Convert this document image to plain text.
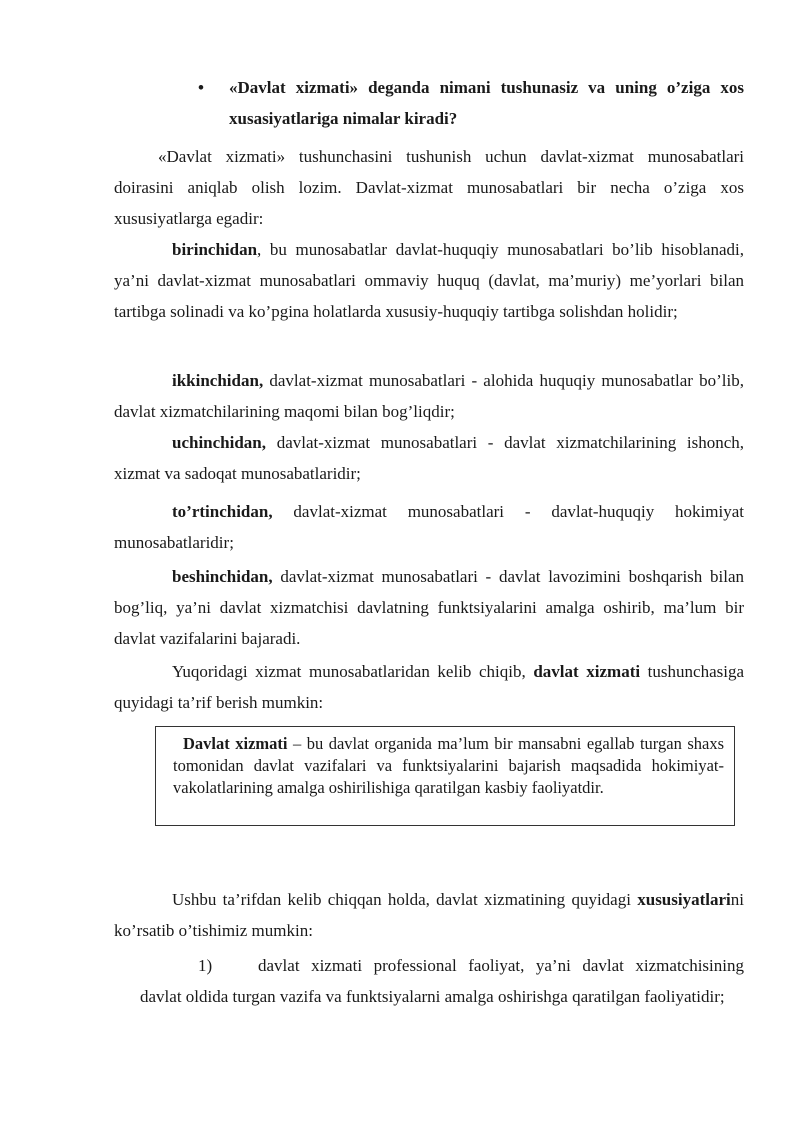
•	«Davlat xizmati» deganda nimani tushunasiz va uning o’ziga xos xusasiyatlariga nimalar kiradi?

«Davlat xizmati» tushunchasini tushunish uchun davlat-xizmat munosabatlari doirasini aniqlab olish lozim. Davlat-xizmat munosabatlari bir necha o’ziga xos xususiyatlarga egadir:

birinchidan, bu munosabatlar davlat-huquqiy munosabatlari bo’lib hisoblanadi, ya’ni davlat-xizmat munosabatlari ommaviy huquq (davlat, ma’muriy) me’yorlari bilan tartibga solinadi va ko’pgina holatlarda xususiy-huquqiy tartibga solishdan holidir;

ikkinchidan, davlat-xizmat munosabatlari - alohida huquqiy munosabatlar bo’lib, davlat xizmatchilarining maqomi bilan bog’liqdir;

uchinchidan, davlat-xizmat munosabatlari - davlat xizmatchilarining ishonch, xizmat va sadoqat munosabatlaridir;

to’rtinchidan, davlat-xizmat munosabatlari - davlat-huquqiy hokimiyat munosabatlaridir;

beshinchidan, davlat-xizmat munosabatlari - davlat lavozimini boshqarish bilan bog’liq, ya’ni davlat xizmatchisi davlatning funktsiyalarini amalga oshirib, ma’lum bir davlat vazifalarini bajaradi.

Yuqoridagi xizmat munosabatlaridan kelib chiqib, davlat xizmati tushunchasiga quyidagi ta’rif berish mumkin:

Davlat xizmati – bu davlat organida ma’lum bir mansabni egallab turgan shaxs tomonidan davlat vazifalari va funktsiyalarini bajarish maqsadida hokimiyat-vakolatlarining amalga oshirilishiga qaratilgan kasbiy faoliyatdir.

Ushbu ta’rifdan kelib chiqqan holda, davlat xizmatining quyidagi xususiyatlarini ko’rsatib o’tishimiz mumkin:

1)	davlat xizmati professional faoliyat, ya’ni davlat xizmatchisining davlat oldida turgan vazifa va funktsiyalarni amalga oshirishga qaratilgan faoliyatidir;
